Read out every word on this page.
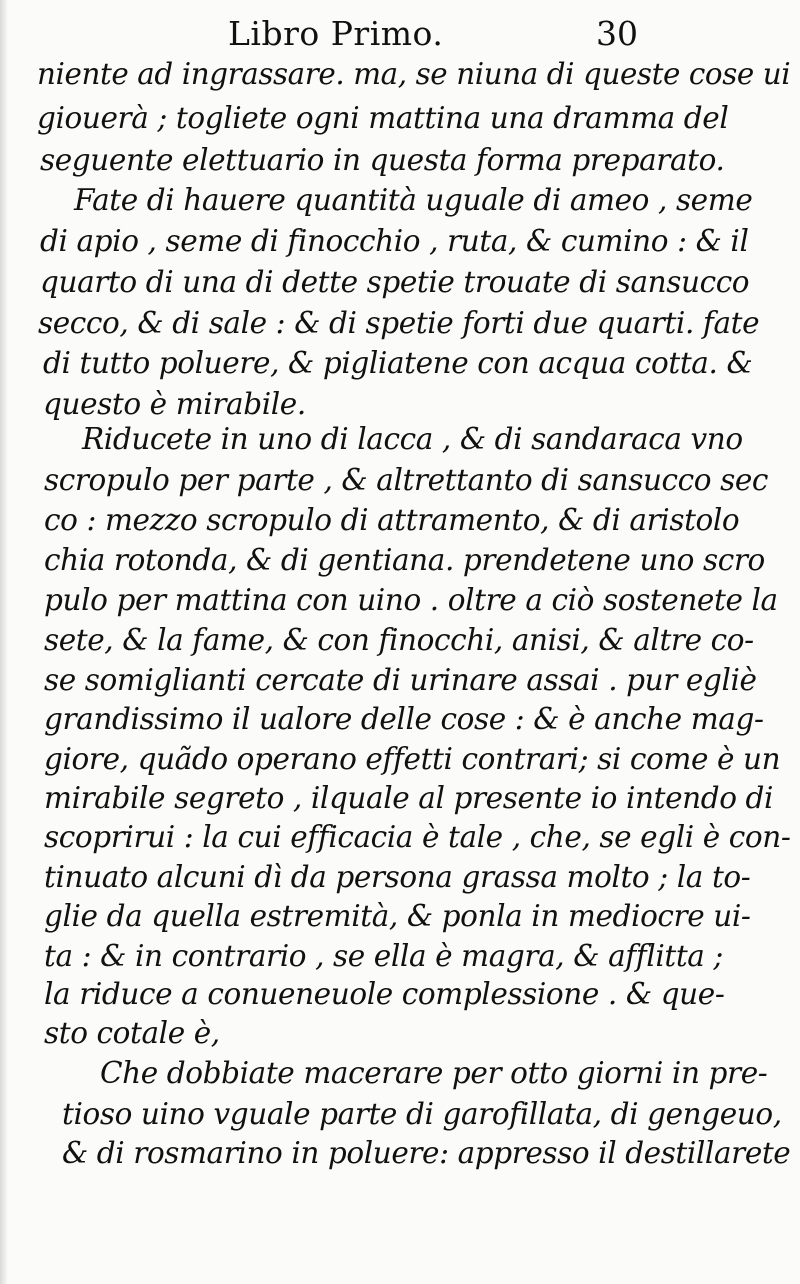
Libro Primo.	30
niente ad ingrassare. ma, se niuna di queste cose ui
giouerà ; togliete ogni mattina una dramma del
seguente elettuario in questa forma preparato.
Fate di hauere quantità uguale di ameo , seme
di apio , seme di finocchio , ruta, & cumino : & il
quarto di una di dette spetie trouate di sansucco
secco, & di sale : & di spetie forti due quarti. fate
di tutto poluere, & pigliatene con acqua cotta. &
questo è mirabile.
Riducete in uno di lacca , & di sandaraca vno
scropulo per parte , & altrettanto di sansucco sec
co : mezzo scropulo di attramento, & di aristolo
chia rotonda, & di gentiana. prendetene uno scro
pulo per mattina con uino . oltre a ciò sostenete la
sete, & la fame, & con finocchi, anisi, & altre co-
se somiglianti cercate di urinare assai . pur egliè
grandissimo il ualore delle cose : & è anche mag-
giore, quãdo operano effetti contrari; si come è un
mirabile segreto , ilquale al presente io intendo di
scoprirui : la cui efficacia è tale , che, se egli è con-
tinuato alcuni dì da persona grassa molto ; la to-
glie da quella estremità, & ponla in mediocre ui-
ta : & in contrario , se ella è magra, & afflitta ;
la riduce a conueneuole complessione . & que-
sto cotale è,
Che dobbiate macerare per otto giorni in pre-
tioso uino vguale parte di garofillata, di gengeuo,
& di rosmarino in poluere: appresso il destillarete
